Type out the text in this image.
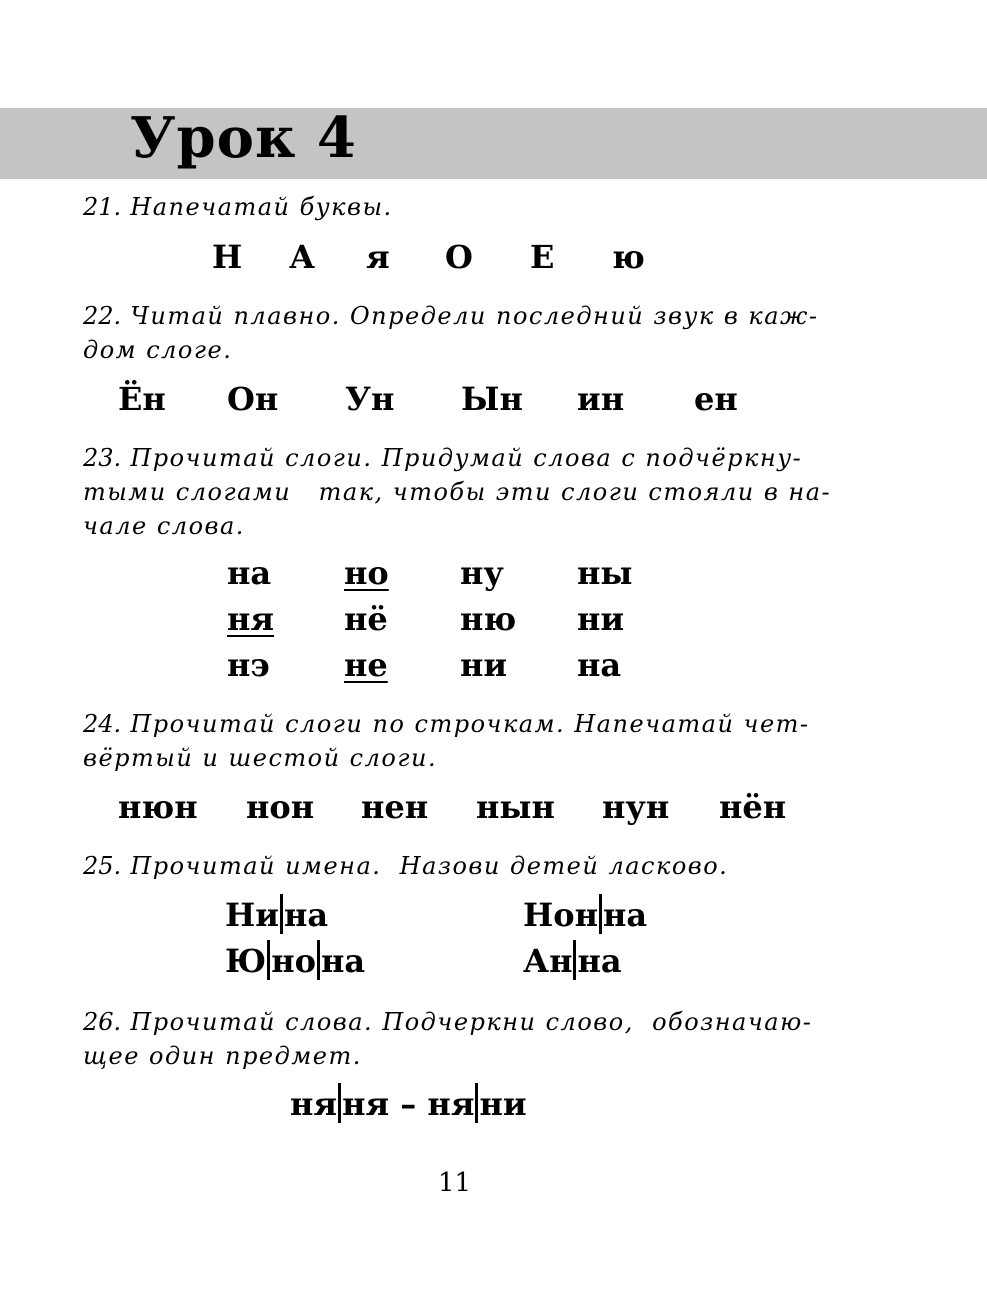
Урок 4
21. Напечатай буквы.
Н А я О Е ю
22. Читай плавно. Определи последний звук в каж-
дом слоге.
Ён Он Ун Ын ин ен
23. Прочитай слоги. Придумай слова с подчёркну-
тыми слогами   так, чтобы эти слоги стояли в на-
чале слова.
на но ну ны
ня нё ню ни
нэ не ни на
24. Прочитай слоги по строчкам. Напечатай чет-
вёртый и шестой слоги.
нюн нон нен нын нун нён
25. Прочитай имена.  Назови детей ласково.
Ни на	Нон на
Ю но на	Ан на
26. Прочитай слова. Подчеркни слово,  обозначаю-
щее один предмет.
ня ня – ня ни
11
